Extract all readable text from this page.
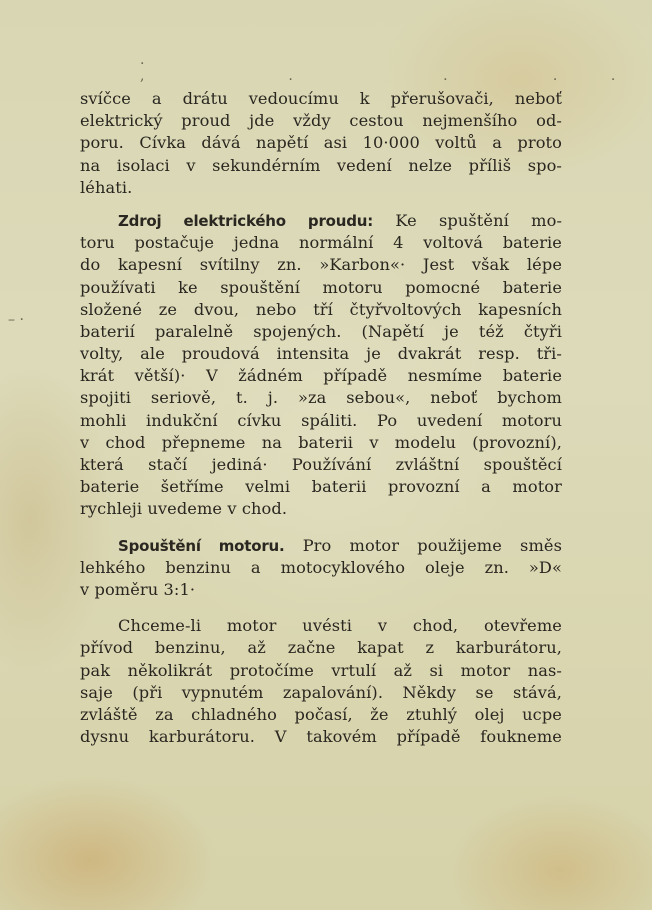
. ,                      .                       .                .        .
– ·

svíčce a drátu vedoucímu k přerušovači, neboť
elektrický proud jde vždy cestou nejmenšího od-
poru. Cívka dává napětí asi 10·000 voltů a proto
na isolaci v sekundérním vedení nelze příliš spo-
léhati.

Zdroj elektrického proudu: Ke spuštění mo-
toru postačuje jedna normální 4 voltová baterie
do kapesní svítilny zn. »Karbon«· Jest však lépe
používati ke spouštění motoru pomocné baterie
složené ze dvou, nebo tří čtyřvoltových kapesních
baterií paralelně spojených. (Napětí je též čtyři
volty, ale proudová intensita je dvakrát resp. tři-
krát větší)· V žádném případě nesmíme baterie
spojiti seriově, t. j. »za sebou«, neboť bychom
mohli indukční cívku spáliti. Po uvedení motoru
v chod přepneme na baterii v modelu (provozní),
která stačí jediná· Používání zvláštní spouštěcí
baterie šetříme velmi baterii provozní a motor
rychleji uvedeme v chod.

Spouštění motoru. Pro motor použijeme směs
lehkého benzinu a motocyklového oleje zn. »D«
v poměru 3:1·

Chceme-li motor uvésti v chod, otevřeme
přívod benzinu, až začne kapat z karburátoru,
pak několikrát protočíme vrtulí až si motor nas-
saje (při vypnutém zapalování). Někdy se stává,
zvláště za chladného počasí, že ztuhlý olej ucpe
dysnu karburátoru. V takovém případě foukneme
